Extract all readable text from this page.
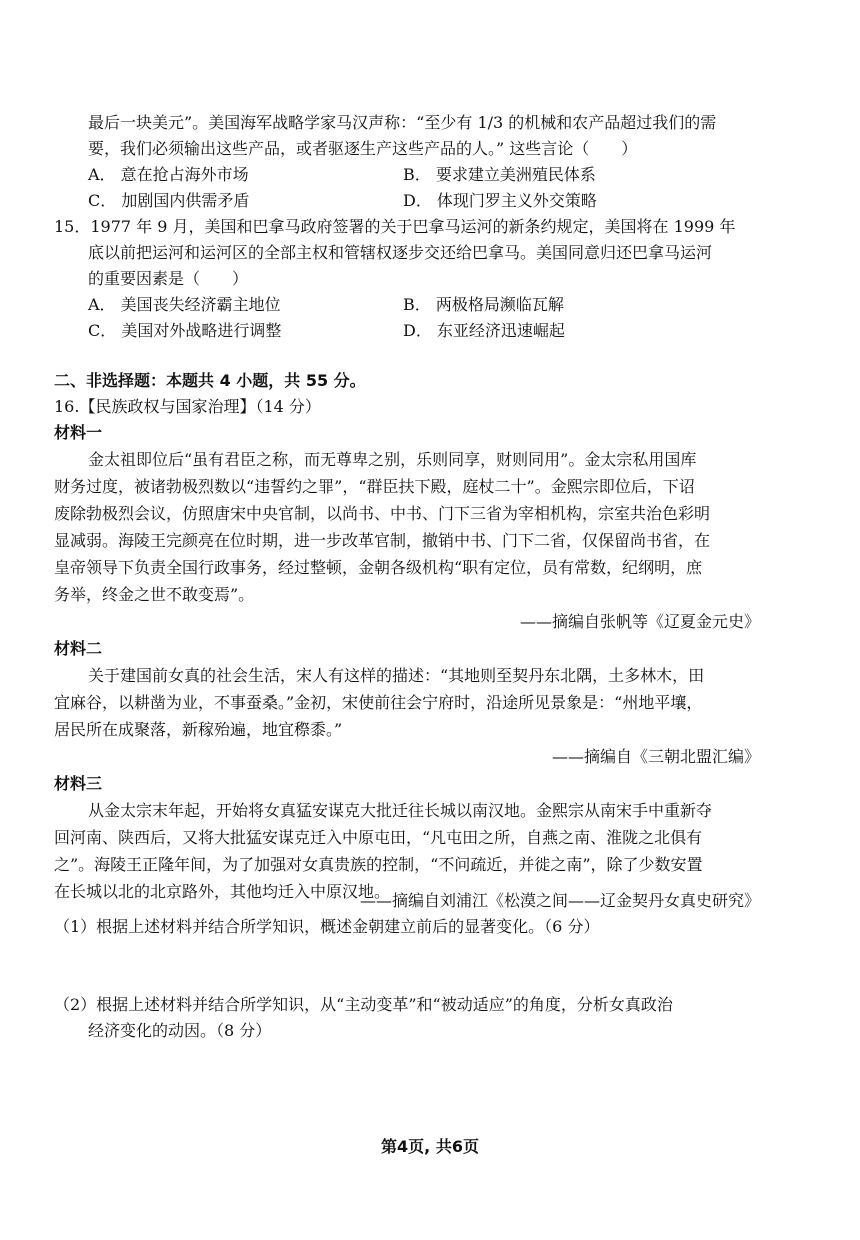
最后一块美元”。美国海军战略学家马汉声称：“至少有 1/3 的机械和农产品超过我们的需
要，我们必须输出这些产品，或者驱逐生产这些产品的人。” 这些言论（　　）
A． 意在抢占海外市场	B． 要求建立美洲殖民体系
C． 加剧国内供需矛盾	D． 体现门罗主义外交策略
15．1977 年 9 月，美国和巴拿马政府签署的关于巴拿马运河的新条约规定，美国将在 1999 年
底以前把运河和运河区的全部主权和管辖权逐步交还给巴拿马。美国同意归还巴拿马运河
的重要因素是（　　）
A． 美国丧失经济霸主地位	B． 两极格局濒临瓦解
C． 美国对外战略进行调整	D． 东亚经济迅速崛起
二、非选择题：本题共 4 小题，共 55 分。
16.【民族政权与国家治理】（14 分）
材料一
金太祖即位后“虽有君臣之称，而无尊卑之别，乐则同享，财则同用”。金太宗私用国库
财务过度，被诸勃极烈数以“违誓约之罪”，“群臣扶下殿，庭杖二十”。金熙宗即位后，下诏
废除勃极烈会议，仿照唐宋中央官制，以尚书、中书、门下三省为宰相机构，宗室共治色彩明
显减弱。海陵王完颜亮在位时期，进一步改革官制，撤销中书、门下二省，仅保留尚书省，在
皇帝领导下负责全国行政事务，经过整顿，金朝各级机构“职有定位，员有常数，纪纲明，庶
务举，终金之世不敢变焉”。
——摘编自张帆等《辽夏金元史》
材料二
关于建国前女真的社会生活，宋人有这样的描述：“其地则至契丹东北隅，土多林木，田
宜麻谷，以耕凿为业，不事蚕桑。”金初，宋使前往会宁府时，沿途所见景象是：“州地平壤，
居民所在成聚落，新稼殆遍，地宜穄黍。”
——摘编自《三朝北盟汇编》
材料三
从金太宗末年起，开始将女真猛安谋克大批迁往长城以南汉地。金熙宗从南宋手中重新夺
回河南、陕西后，又将大批猛安谋克迁入中原屯田，“凡屯田之所，自燕之南、淮陇之北俱有
之”。海陵王正隆年间，为了加强对女真贵族的控制，“不问疏近，并徙之南”，除了少数安置
在长城以北的北京路外，其他均迁入中原汉地。
——摘编自刘浦江《松漠之间——辽金契丹女真史研究》
（1）根据上述材料并结合所学知识，概述金朝建立前后的显著变化。（6 分）
（2）根据上述材料并结合所学知识，从“主动变革”和“被动适应”的角度，分析女真政治
经济变化的动因。（8 分）
第4页, 共6页
